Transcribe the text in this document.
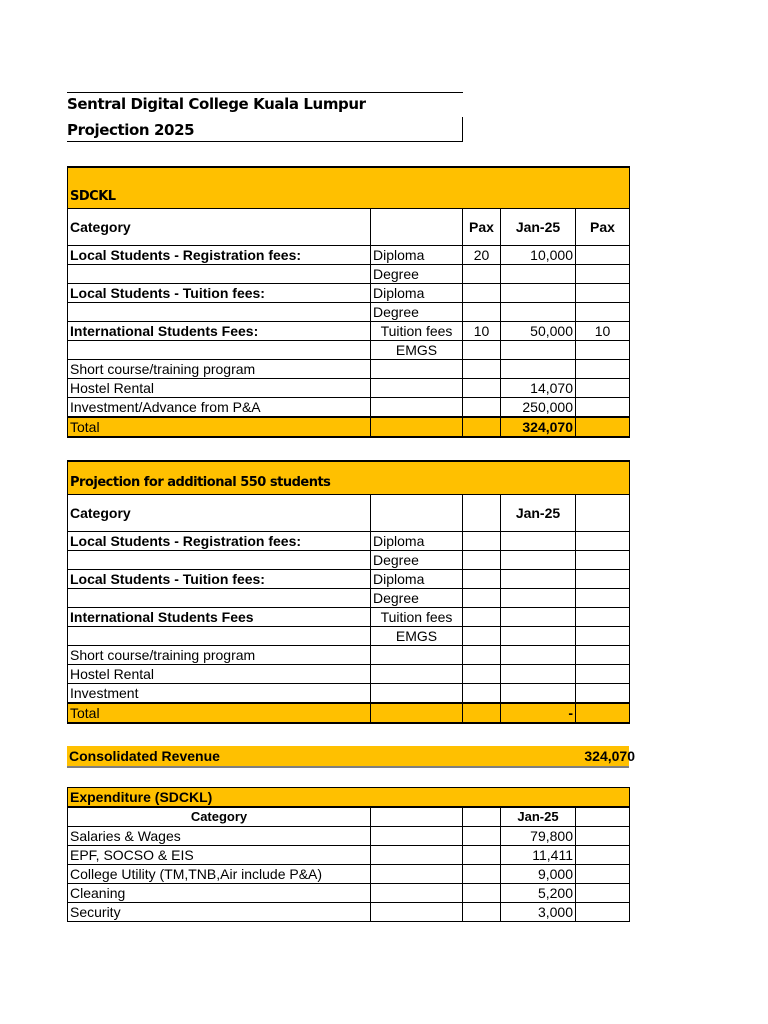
Sentral Digital College Kuala Lumpur
Projection 2025
SDCKL				
Category		Pax	Jan-25	Pax
Local Students - Registration fees:	Diploma	20	10,000	
	Degree			
Local Students - Tuition fees:	Diploma			
	Degree			
International Students Fees:	Tuition fees	10	50,000	10
	EMGS			
Short course/training program				
Hostel Rental			14,070	
Investment/Advance from P&A			250,000	
Total			324,070	
Projection for additional 550 students				
Category			Jan-25	
Local Students - Registration fees:	Diploma			
	Degree			
Local Students - Tuition fees:	Diploma			
	Degree			
International Students Fees	Tuition fees			
	EMGS			
Short course/training program				
Hostel Rental				
Investment				
Total			-	
Consolidated Revenue	324,070
Expenditure (SDCKL)				
Category			Jan-25	
Salaries & Wages			79,800	
EPF, SOCSO & EIS			11,411	
College Utility (TM,TNB,Air include P&A)			9,000	
Cleaning			5,200	
Security			3,000	
